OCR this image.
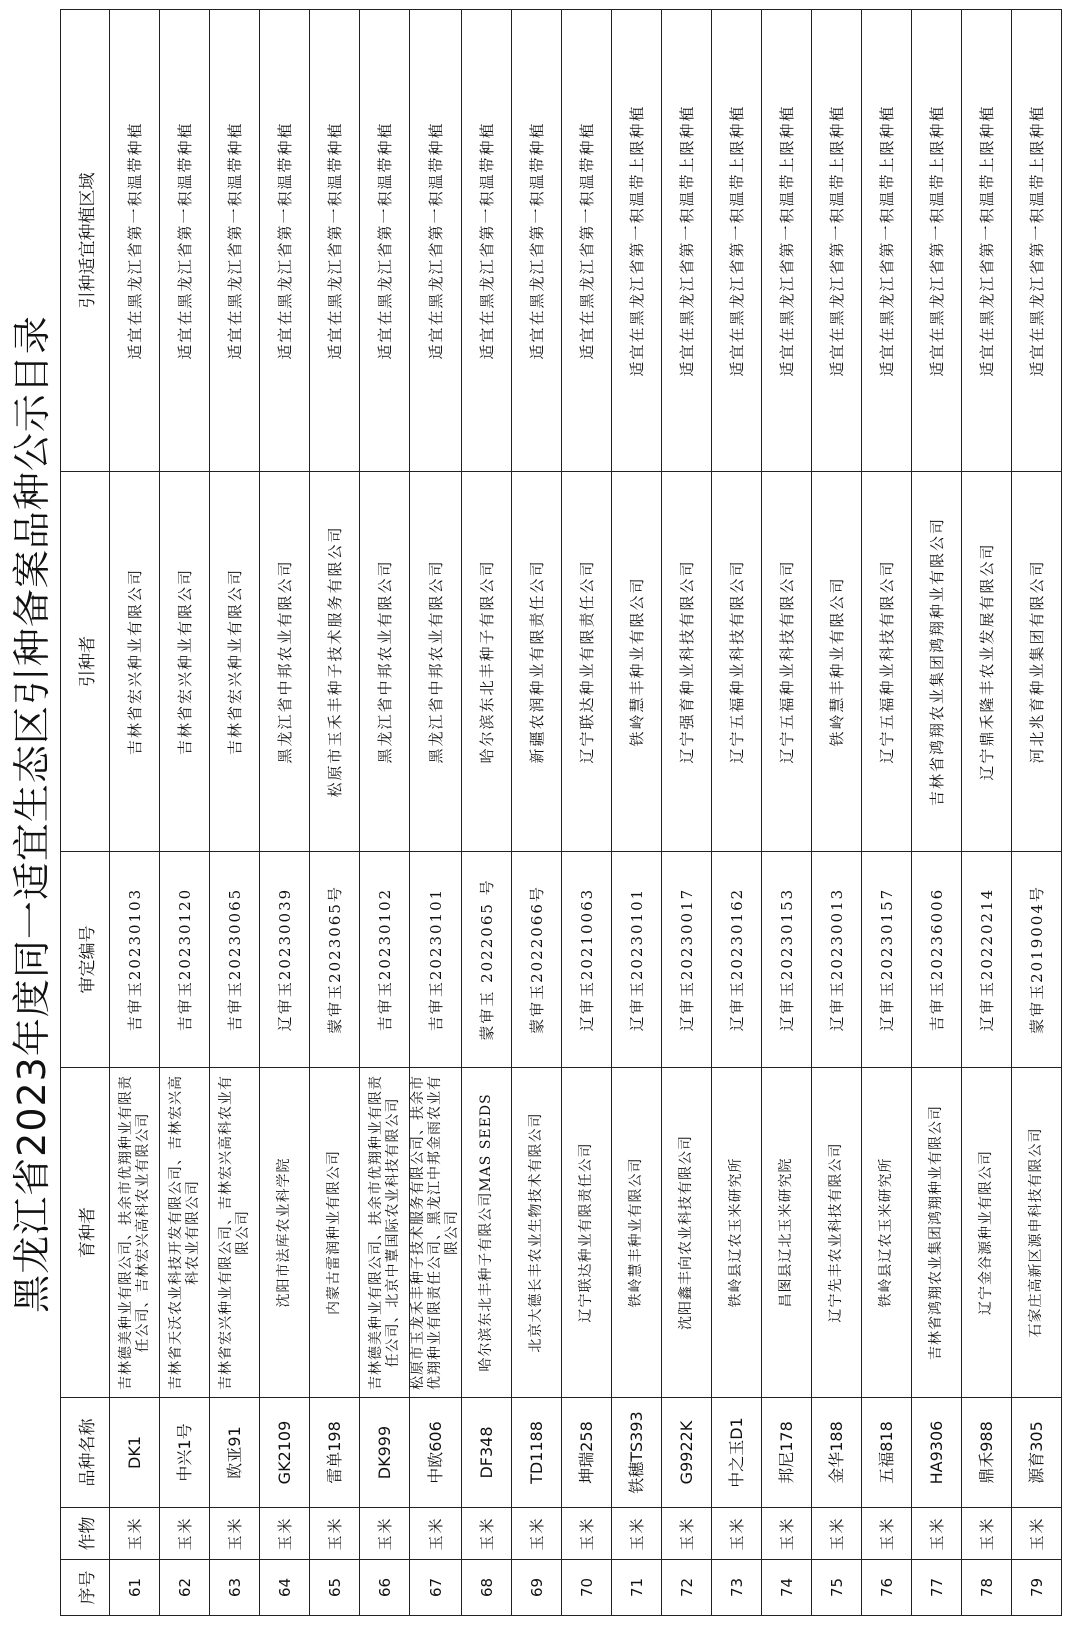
黑龙江省2023年度同一适宜生态区引种备案品种公示目录
序号	作物	品种名称	育种者	审定编号	引种者	引种适宜种植区域
61	玉米	DK1	吉林德美种业有限公司、扶余市优翔种业有限责任公司、吉林宏兴高科农业有限公司	吉审玉20230103	吉林省宏兴种业有限公司	适宜在黑龙江省第一积温带种植
62	玉米	中兴1号	吉林省天沃农业科技开发有限公司、吉林宏兴高科农业有限公司	吉审玉20230120	吉林省宏兴种业有限公司	适宜在黑龙江省第一积温带种植
63	玉米	欧亚91	吉林省宏兴种业有限公司、吉林宏兴高科农业有限公司	吉审玉20230065	吉林省宏兴种业有限公司	适宜在黑龙江省第一积温带种植
64	玉米	GK2109	沈阳市法库农业科学院	辽审玉20230039	黑龙江省中邦农业有限公司	适宜在黑龙江省第一积温带种植
65	玉米	雷单198	内蒙古雷润种业有限公司	蒙审玉2023065号	松原市玉禾丰种子技术服务有限公司	适宜在黑龙江省第一积温带种植
66	玉米	DK999	吉林德美种业有限公司、扶余市优翔种业有限责任公司、北京中蕈国际农业科技有限公司	吉审玉20230102	黑龙江省中邦农业有限公司	适宜在黑龙江省第一积温带种植
67	玉米	中欧606	松原市玉龙禾丰种子技术服务有限公司、扶余市优翔种业有限责任公司、黑龙江中邦金雨农业有限公司	吉审玉20230101	黑龙江省中邦农业有限公司	适宜在黑龙江省第一积温带种植
68	玉米	DF348	哈尔滨东北丰种子有限公司MAS SEEDS	蒙审玉 2022065 号	哈尔滨东北丰种子有限公司	适宜在黑龙江省第一积温带种植
69	玉米	TD1188	北京大德长丰农业生物技术有限公司	蒙审玉2022066号	新疆农润种业有限责任公司	适宜在黑龙江省第一积温带种植
70	玉米	坤瑞258	辽宁联达种业有限责任公司	辽审玉20210063	辽宁联达种业有限责任公司	适宜在黑龙江省第一积温带种植
71	玉米	铁穗TS393	铁岭慧丰种业有限公司	辽审玉20230101	铁岭慧丰种业有限公司	适宜在黑龙江省第一积温带上限种植
72	玉米	G9922K	沈阳鑫丰向农业科技有限公司	辽审玉20230017	辽宁强育种业科技有限公司	适宜在黑龙江省第一积温带上限种植
73	玉米	中之玉D1	铁岭县辽农玉米研究所	辽审玉20230162	辽宁五福种业科技有限公司	适宜在黑龙江省第一积温带上限种植
74	玉米	邦尼178	昌图县辽北玉米研究院	辽审玉20230153	辽宁五福种业科技有限公司	适宜在黑龙江省第一积温带上限种植
75	玉米	金华188	辽宁先丰农业科技有限公司	辽审玉20230013	铁岭慧丰种业有限公司	适宜在黑龙江省第一积温带上限种植
76	玉米	五福818	铁岭县辽农玉米研究所	辽审玉20230157	辽宁五福种业科技有限公司	适宜在黑龙江省第一积温带上限种植
77	玉米	HA9306	吉林省鸿翔农业集团鸿翔种业有限公司	吉审玉20236006	吉林省鸿翔农业集团鸿翔种业有限公司	适宜在黑龙江省第一积温带上限种植
78	玉米	鼎禾988	辽宁金谷源种业有限公司	辽审玉20220214	辽宁鼎禾隆丰农业发展有限公司	适宜在黑龙江省第一积温带上限种植
79	玉米	源育305	石家庄高新区源申科技有限公司	蒙审玉2019004号	河北兆育种业集团有限公司	适宜在黑龙江省第一积温带上限种植
